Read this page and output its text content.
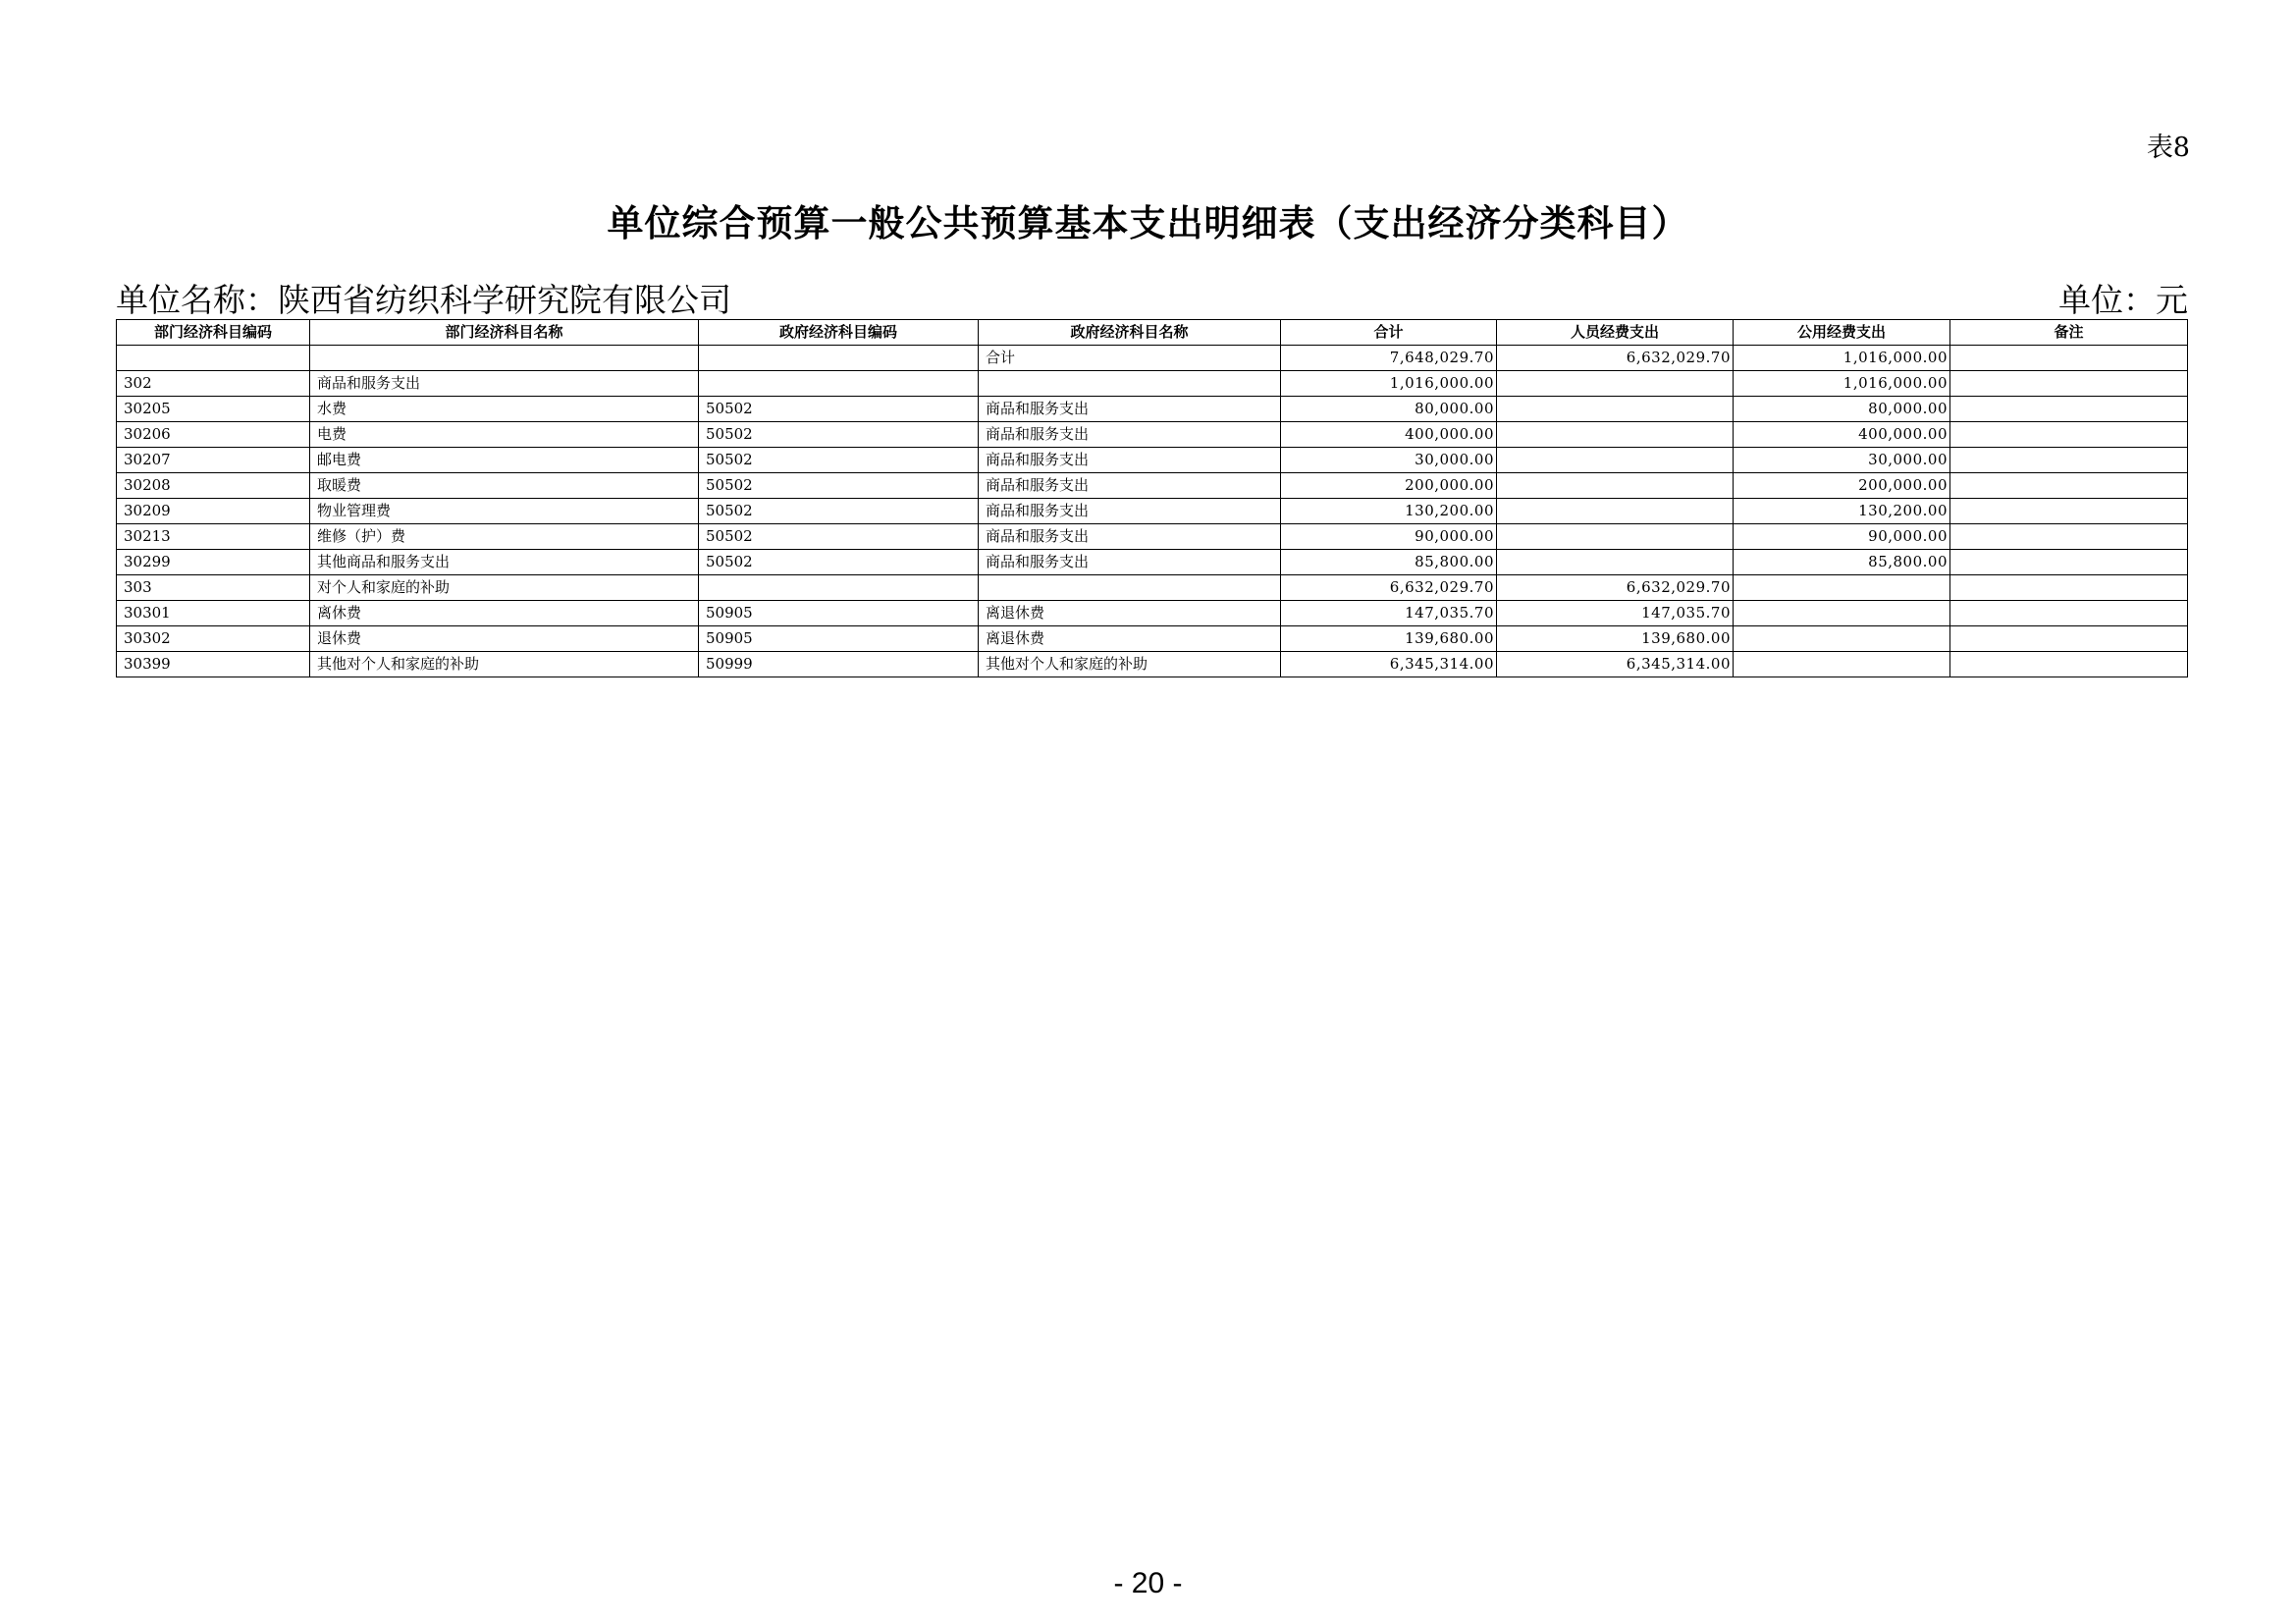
表8
单位综合预算一般公共预算基本支出明细表（支出经济分类科目）
单位名称：陕西省纺织科学研究院有限公司	单位：元
部门经济科目编码	部门经济科目名称	政府经济科目编码	政府经济科目名称	合计	人员经费支出	公用经费支出	备注
			合计	7,648,029.70	6,632,029.70	1,016,000.00	
302	商品和服务支出			1,016,000.00		1,016,000.00	
30205	水费	50502	商品和服务支出	80,000.00		80,000.00	
30206	电费	50502	商品和服务支出	400,000.00		400,000.00	
30207	邮电费	50502	商品和服务支出	30,000.00		30,000.00	
30208	取暖费	50502	商品和服务支出	200,000.00		200,000.00	
30209	物业管理费	50502	商品和服务支出	130,200.00		130,200.00	
30213	维修（护）费	50502	商品和服务支出	90,000.00		90,000.00	
30299	其他商品和服务支出	50502	商品和服务支出	85,800.00		85,800.00	
303	对个人和家庭的补助			6,632,029.70	6,632,029.70		
30301	离休费	50905	离退休费	147,035.70	147,035.70		
30302	退休费	50905	离退休费	139,680.00	139,680.00		
30399	其他对个人和家庭的补助	50999	其他对个人和家庭的补助	6,345,314.00	6,345,314.00		
- 20 -
